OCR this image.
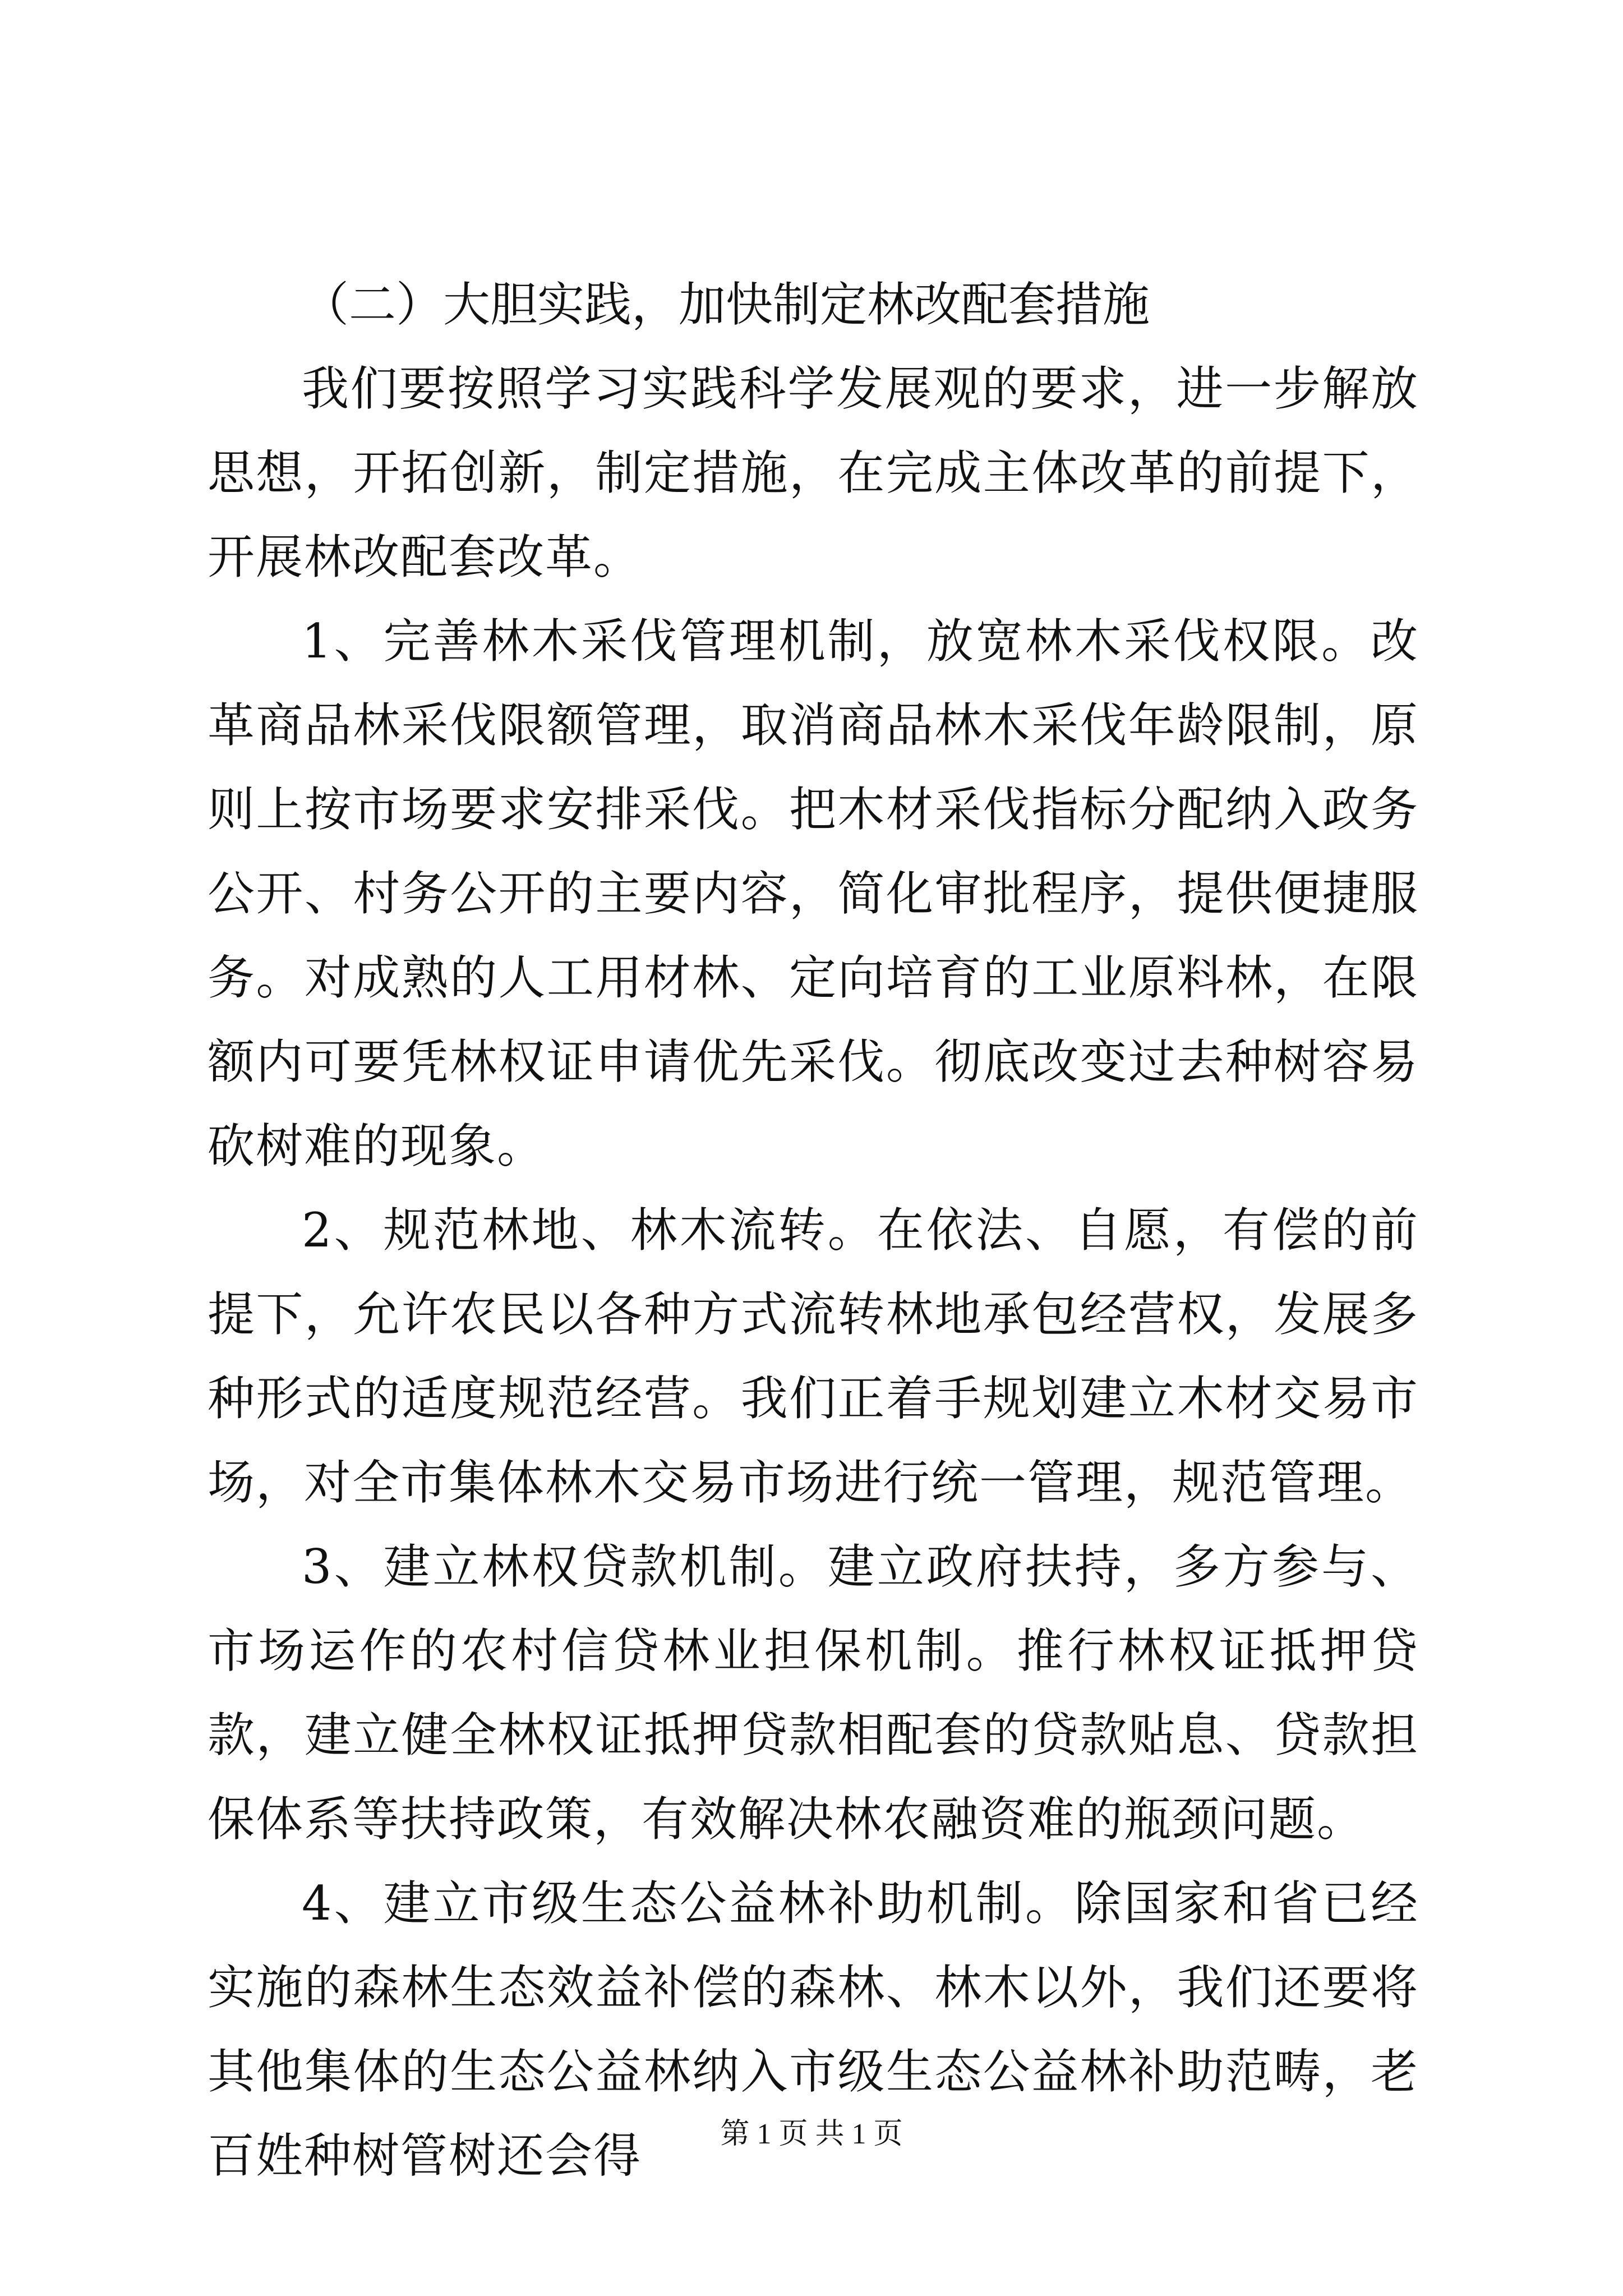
（二）大胆实践，加快制定林改配套措施

我们要按照学习实践科学发展观的要求，进一步解放思想，开拓创新，制定措施，在完成主体改革的前提下，开展林改配套改革。

1、完善林木采伐管理机制，放宽林木采伐权限。改革商品林采伐限额管理，取消商品林木采伐年龄限制，原则上按市场要求安排采伐。把木材采伐指标分配纳入政务公开、村务公开的主要内容，简化审批程序，提供便捷服务。对成熟的人工用材林、定向培育的工业原料林，在限额内可要凭林权证申请优先采伐。彻底改变过去种树容易砍树难的现象。

2、规范林地、林木流转。在依法、自愿，有偿的前提下，允许农民以各种方式流转林地承包经营权，发展多种形式的适度规范经营。我们正着手规划建立木材交易市场，对全市集体林木交易市场进行统一管理，规范管理。

3、建立林权贷款机制。建立政府扶持，多方参与、市场运作的农村信贷林业担保机制。推行林权证抵押贷款，建立健全林权证抵押贷款相配套的贷款贴息、贷款担保体系等扶持政策，有效解决林农融资难的瓶颈问题。

4、建立市级生态公益林补助机制。除国家和省已经实施的森林生态效益补偿的森林、林木以外，我们还要将其他集体的生态公益林纳入市级生态公益林补助范畴，老百姓种树管树还会得	第 1 页 共 1 页
